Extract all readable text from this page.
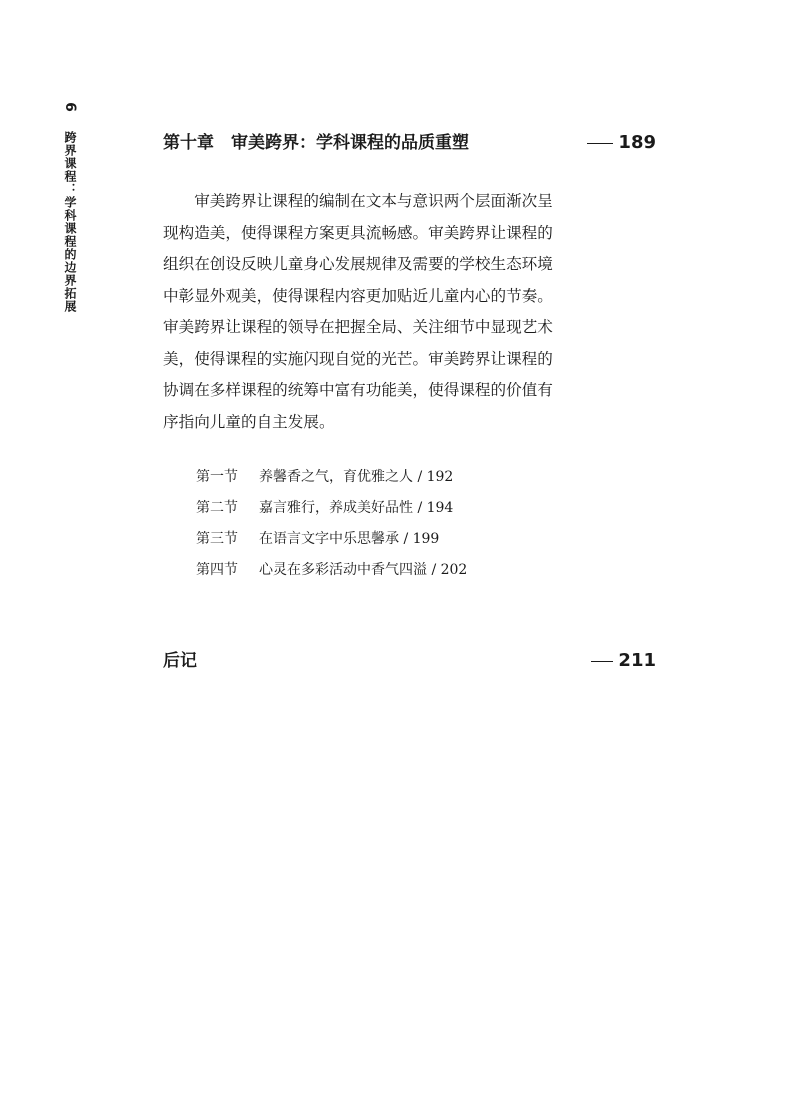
6
跨界课程：学科课程的边界拓展	第十章　审美跨界：学科课程的品质重塑	189

审美跨界让课程的编制在文本与意识两个层面渐次呈现构造美，使得课程方案更具流畅感。审美跨界让课程的组织在创设反映儿童身心发展规律及需要的学校生态环境中彰显外观美，使得课程内容更加贴近儿童内心的节奏。审美跨界让课程的领导在把握全局、关注细节中显现艺术美，使得课程的实施闪现自觉的光芒。审美跨界让课程的协调在多样课程的统筹中富有功能美，使得课程的价值有序指向儿童的自主发展。

第一节 养馨香之气，育优雅之人 / 192
第二节 嘉言雅行，养成美好品性 / 194
第三节 在语言文字中乐思馨承 / 199
第四节 心灵在多彩活动中香气四溢 / 202
后记	211
